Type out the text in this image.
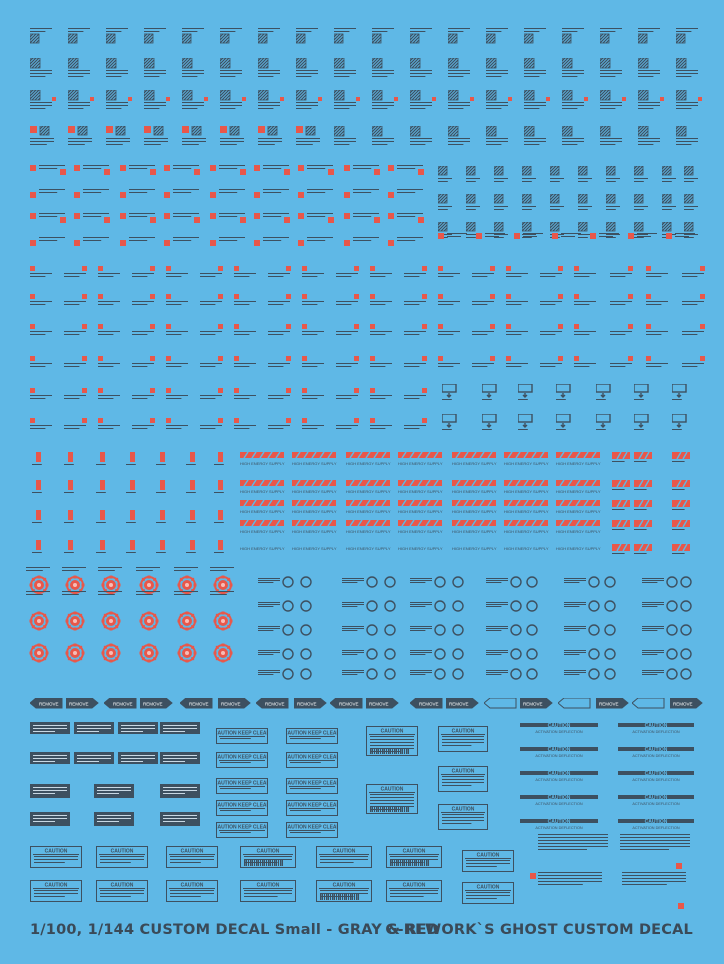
HIGH ENERGY SUPPLY HIGH ENERGY SUPPLY HIGH ENERGY SUPPLY HIGH ENERGY SUPPLY HIGH ENERGY SUPPLY HIGH ENERGY SUPPLY HIGH ENERGY SUPPLY
HIGH ENERGY SUPPLY HIGH ENERGY SUPPLY HIGH ENERGY SUPPLY HIGH ENERGY SUPPLY HIGH ENERGY SUPPLY HIGH ENERGY SUPPLY HIGH ENERGY SUPPLY
HIGH ENERGY SUPPLY HIGH ENERGY SUPPLY HIGH ENERGY SUPPLY HIGH ENERGY SUPPLY HIGH ENERGY SUPPLY HIGH ENERGY SUPPLY HIGH ENERGY SUPPLY
HIGH ENERGY SUPPLY HIGH ENERGY SUPPLY HIGH ENERGY SUPPLY HIGH ENERGY SUPPLY HIGH ENERGY SUPPLY HIGH ENERGY SUPPLY HIGH ENERGY SUPPLY
HIGH ENERGY SUPPLY HIGH ENERGY SUPPLY HIGH ENERGY SUPPLY HIGH ENERGY SUPPLY HIGH ENERGY SUPPLY HIGH ENERGY SUPPLY HIGH ENERGY SUPPLY
REMOVE REMOVE	REMOVE REMOVE	REMOVE	REMOVE	REMOVE	REMOVE	REMOVE REMOVE	REMOVE REMOVE	REMOVE	REMOVE	REMOVE
CAUTION KEEP CLEAR
CAUTION KEEP CLEAR
CAUTION KEEP CLEAR
CAUTION KEEP CLEAR
CAUTION KEEP CLEAR
CAUTION KEEP CLEAR
CAUTION KEEP CLEAR
CAUTION KEEP CLEAR
CAUTION KEEP CLEAR
CAUTION KEEP CLEAR
CAUTION
CAUTION
CAUTION
CAUTION
CAUTION
CAUTION
ACTIVATION DEFLECTION
CAUTION
ACTIVATION DEFLECTION
CAUTION
ACTIVATION DEFLECTION
CAUTION
ACTIVATION DEFLECTION
CAUTION
ACTIVATION DEFLECTION
CAUTION
ACTIVATION DEFLECTION
CAUTION
ACTIVATION DEFLECTION
CAUTION
ACTIVATION DEFLECTION
CAUTION
ACTIVATION DEFLECTION
CAUTION
ACTIVATION DEFLECTION
CAUTION	CAUTION	CAUTION
CAUTION	CAUTION	CAUTION
CAUTION	CAUTION	CAUTION
CAUTION	CAUTION	CAUTION
CAUTION
CAUTION
1/100, 1/144 CUSTOM DECAL Small - GRAY & RED
G-REWORK`S GHOST CUSTOM DECAL
